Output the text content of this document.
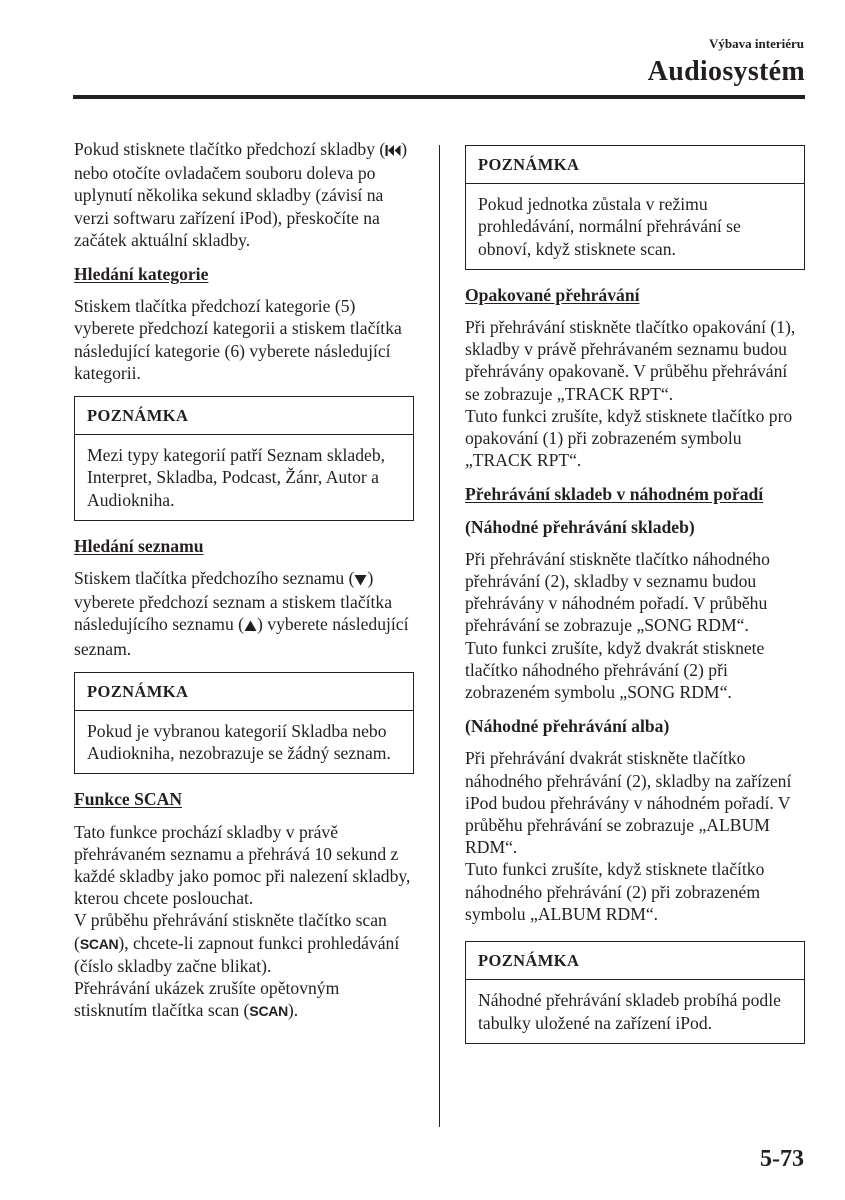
Výbava interiéru
Audiosystém

Pokud stisknete tlačítko předchozí skladby ( ) nebo otočíte ovladačem souboru doleva po uplynutí několika sekund skladby (závisí na verzi softwaru zařízení iPod), přeskočíte na začátek aktuální skladby.

Hledání kategorie

Stiskem tlačítka předchozí kategorie (5) vyberete předchozí kategorii a stiskem tlačítka následující kategorie (6) vyberete následující kategorii.

POZNÁMKA
Mezi typy kategorií patří Seznam skladeb, Interpret, Skladba, Podcast, Žánr, Autor a Audiokniha.
Hledání seznamu

Stiskem tlačítka předchozího seznamu ( ) vyberete předchozí seznam a stiskem tlačítka následujícího seznamu ( ) vyberete následující seznam.

POZNÁMKA
Pokud je vybranou kategorií Skladba nebo Audiokniha, nezobrazuje se žádný seznam.
Funkce SCAN

Tato funkce prochází skladby v právě přehrávaném seznamu a přehrává 10 sekund z každé skladby jako pomoc při nalezení skladby, kterou chcete poslouchat.

V průběhu přehrávání stiskněte tlačítko scan (SCAN), chcete-li zapnout funkci prohledávání (číslo skladby začne blikat).

Přehrávání ukázek zrušíte opětovným stisknutím tlačítka scan (SCAN).

POZNÁMKA
Pokud jednotka zůstala v režimu prohledávání, normální přehrávání se obnoví, když stisknete scan.
Opakované přehrávání

Při přehrávání stiskněte tlačítko opakování (1), skladby v právě přehrávaném seznamu budou přehrávány opakovaně. V průběhu přehrávání se zobrazuje „TRACK RPT“.

Tuto funkci zrušíte, když stisknete tlačítko pro opakování (1) při zobrazeném symbolu „TRACK RPT“.

Přehrávání skladeb v náhodném pořadí
(Náhodné přehrávání skladeb)

Při přehrávání stiskněte tlačítko náhodného přehrávání (2), skladby v seznamu budou přehrávány v náhodném pořadí. V průběhu přehrávání se zobrazuje „SONG RDM“.

Tuto funkci zrušíte, když dvakrát stisknete tlačítko náhodného přehrávání (2) při zobrazeném symbolu „SONG RDM“.

(Náhodné přehrávání alba)

Při přehrávání dvakrát stiskněte tlačítko náhodného přehrávání (2), skladby na zařízení iPod budou přehrávány v náhodném pořadí. V průběhu přehrávání se zobrazuje „ALBUM RDM“.

Tuto funkci zrušíte, když stisknete tlačítko náhodného přehrávání (2) při zobrazeném symbolu „ALBUM RDM“.

POZNÁMKA
Náhodné přehrávání skladeb probíhá podle tabulky uložené na zařízení iPod.
5-73
